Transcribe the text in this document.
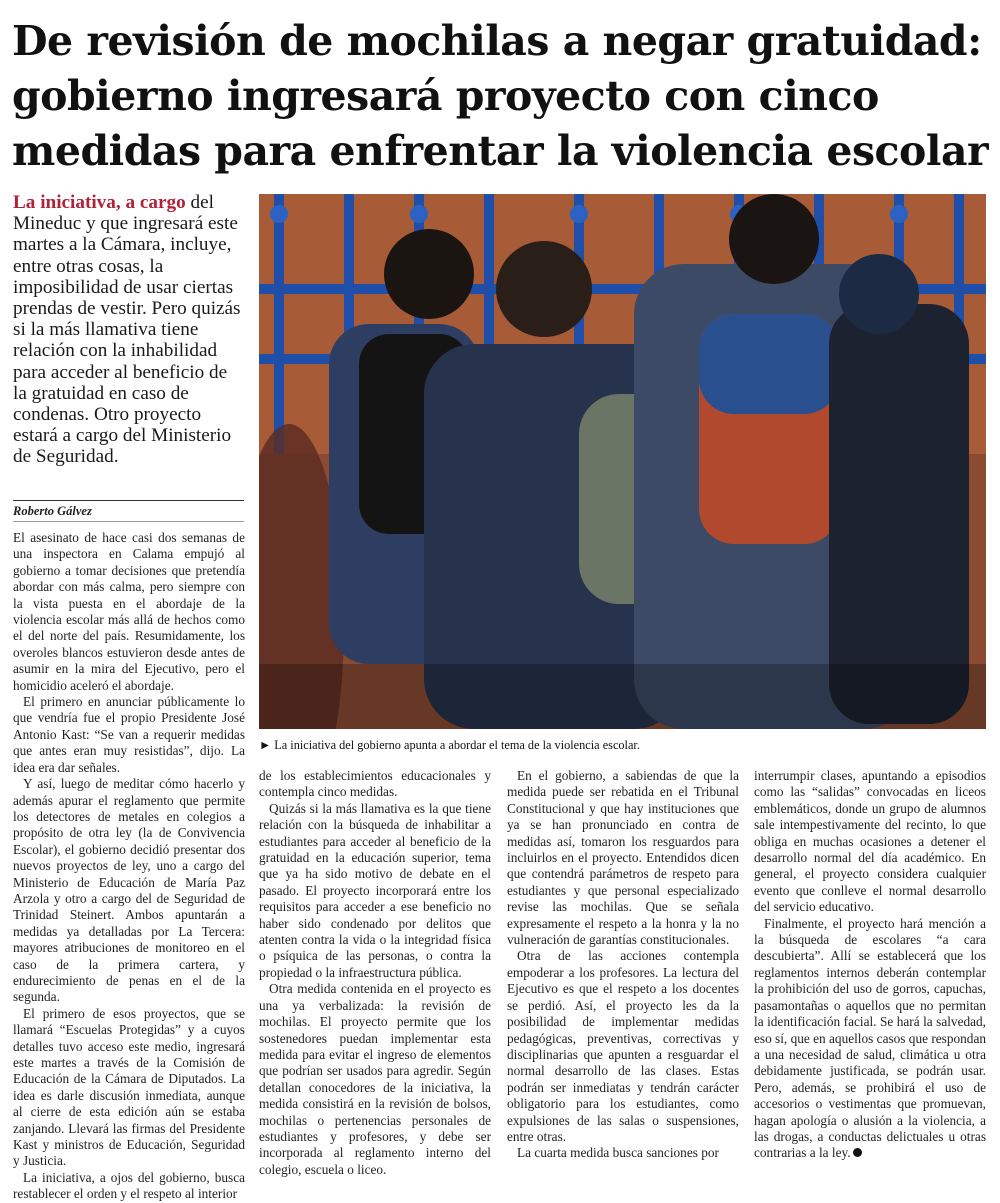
De revisión de mochilas a negar gratuidad: gobierno ingresará proyecto con cinco medidas para enfrentar la violencia escolar

La iniciativa, a cargo del Mineduc y que ingresará este martes a la Cámara, incluye, entre otras cosas, la imposibilidad de usar ciertas prendas de vestir. Pero quizás si la más llamativa tiene relación con la inhabilidad para acceder al beneficio de la gratuidad en caso de condenas. Otro proyecto estará a cargo del Ministerio de Seguridad.

Roberto Gálvez
► La iniciativa del gobierno apunta a abordar el tema de la violencia escolar.

El asesinato de hace casi dos semanas de una inspectora en Calama empujó al gobierno a tomar decisiones que pretendía abordar con más calma, pero siempre con la vista puesta en el abordaje de la violencia escolar más allá de hechos como el del norte del país. Resumidamente, los overoles blancos estuvieron desde antes de asumir en la mira del Ejecutivo, pero el homicidio aceleró el abordaje.

El primero en anunciar públicamente lo que vendría fue el propio Presidente José Antonio Kast: “Se van a requerir medidas que antes eran muy resistidas”, dijo. La idea era dar señales.

Y así, luego de meditar cómo hacerlo y además apurar el reglamento que permite los detectores de metales en colegios a propósito de otra ley (la de Convivencia Escolar), el gobierno decidió presentar dos nuevos proyectos de ley, uno a cargo del Ministerio de Educación de María Paz Arzola y otro a cargo del de Seguridad de Trinidad Steinert. Ambos apuntarán a medidas ya detalladas por La Tercera: mayores atribuciones de monitoreo en el caso de la primera cartera, y endurecimiento de penas en el de la segunda.

El primero de esos proyectos, que se llamará “Escuelas Protegidas” y a cuyos detalles tuvo acceso este medio, ingresará este martes a través de la Comisión de Educación de la Cámara de Diputados. La idea es darle discusión inmediata, aunque al cierre de esta edición aún se estaba zanjando. Llevará las firmas del Presidente Kast y ministros de Educación, Seguridad y Justicia.

La iniciativa, a ojos del gobierno, busca restablecer el orden y el respeto al interior

de los establecimientos educacionales y contempla cinco medidas.

Quizás si la más llamativa es la que tiene relación con la búsqueda de inhabilitar a estudiantes para acceder al beneficio de la gratuidad en la educación superior, tema que ya ha sido motivo de debate en el pasado. El proyecto incorporará entre los requisitos para acceder a ese beneficio no haber sido condenado por delitos que atenten contra la vida o la integridad física o psíquica de las personas, o contra la propiedad o la infraestructura pública.

Otra medida contenida en el proyecto es una ya verbalizada: la revisión de mochilas. El proyecto permite que los sostenedores puedan implementar esta medida para evitar el ingreso de elementos que podrían ser usados para agredir. Según detallan conocedores de la iniciativa, la medida consistirá en la revisión de bolsos, mochilas o pertenencias personales de estudiantes y profesores, y debe ser incorporada al reglamento interno del colegio, escuela o liceo.

En el gobierno, a sabiendas de que la medida puede ser rebatida en el Tribunal Constitucional y que hay instituciones que ya se han pronunciado en contra de medidas así, tomaron los resguardos para incluirlos en el proyecto. Entendidos dicen que contendrá parámetros de respeto para estudiantes y que personal especializado revise las mochilas. Que se señala expresamente el respeto a la honra y la no vulneración de garantías constitucionales.

Otra de las acciones contempla empoderar a los profesores. La lectura del Ejecutivo es que el respeto a los docentes se perdió. Así, el proyecto les da la posibilidad de implementar medidas pedagógicas, preventivas, correctivas y disciplinarias que apunten a resguardar el normal desarrollo de las clases. Estas podrán ser inmediatas y tendrán carácter obligatorio para los estudiantes, como expulsiones de las salas o suspensiones, entre otras.

La cuarta medida busca sanciones por

interrumpir clases, apuntando a episodios como las “salidas” convocadas en liceos emblemáticos, donde un grupo de alumnos sale intempestivamente del recinto, lo que obliga en muchas ocasiones a detener el desarrollo normal del día académico. En general, el proyecto considera cualquier evento que conlleve el normal desarrollo del servicio educativo.

Finalmente, el proyecto hará mención a la búsqueda de escolares “a cara descubierta”. Allí se establecerá que los reglamentos internos deberán contemplar la prohibición del uso de gorros, capuchas, pasamontañas o aquellos que no permitan la identificación facial. Se hará la salvedad, eso sí, que en aquellos casos que respondan a una necesidad de salud, climática u otra debidamente justificada, se podrán usar. Pero, además, se prohibirá el uso de accesorios o vestimentas que promuevan, hagan apología o alusión a la violencia, a las drogas, a conductas delictuales u otras contrarias a la ley.
